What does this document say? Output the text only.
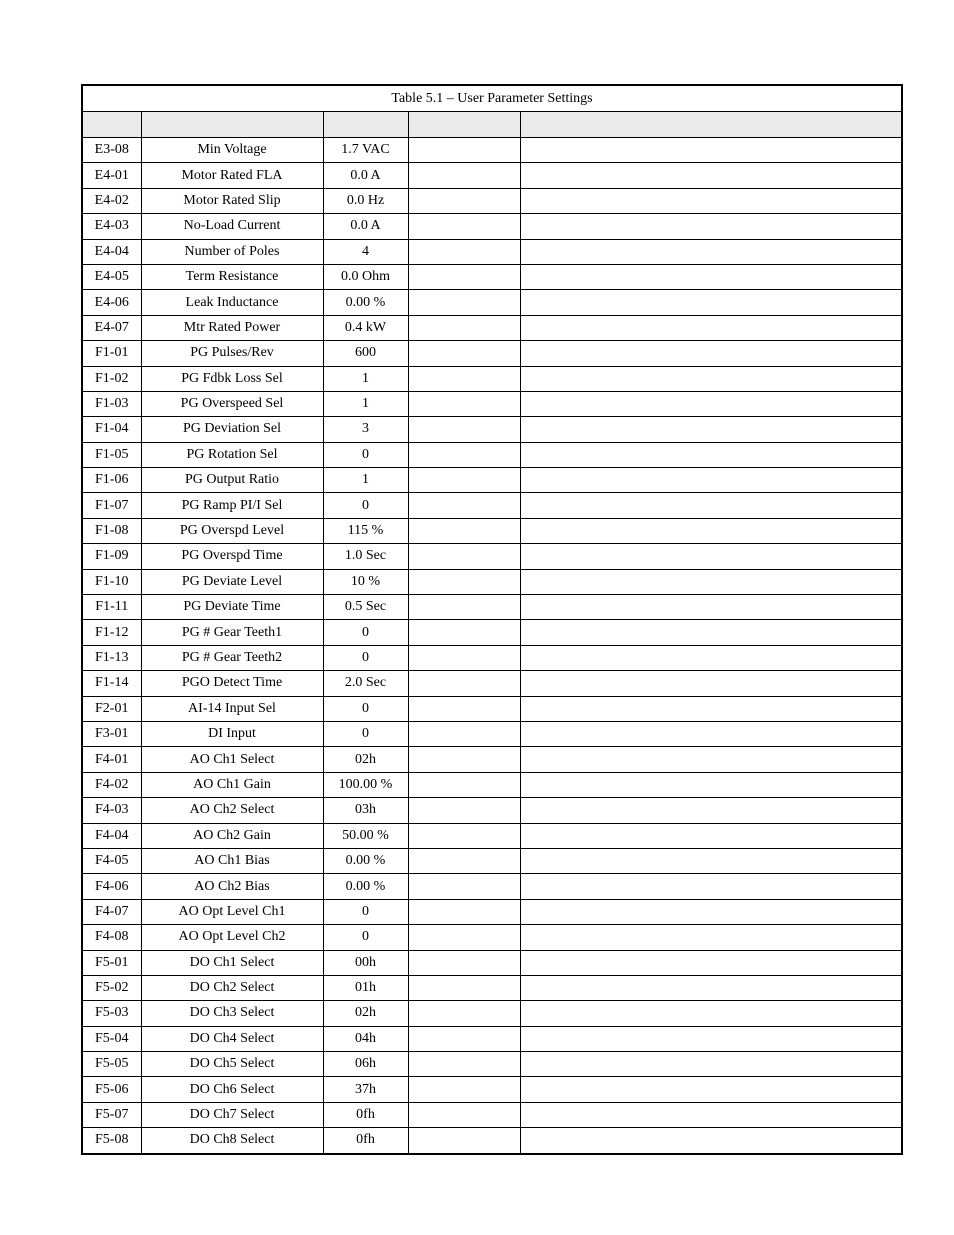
Table 5.1 – User Parameter Settings				

E3-08	Min Voltage	1.7 VAC		
E4-01	Motor Rated FLA	0.0 A		
E4-02	Motor Rated Slip	0.0 Hz		
E4-03	No-Load Current	0.0 A		
E4-04	Number of Poles	4		
E4-05	Term Resistance	0.0 Ohm		
E4-06	Leak Inductance	0.00 %		
E4-07	Mtr Rated Power	0.4 kW		
F1-01	PG Pulses/Rev	600		
F1-02	PG Fdbk Loss Sel	1		
F1-03	PG Overspeed Sel	1		
F1-04	PG Deviation Sel	3		
F1-05	PG Rotation Sel	0		
F1-06	PG Output Ratio	1		
F1-07	PG Ramp PI/I Sel	0		
F1-08	PG Overspd Level	115 %		
F1-09	PG Overspd Time	1.0 Sec		
F1-10	PG Deviate Level	10 %		
F1-11	PG Deviate Time	0.5 Sec		
F1-12	PG # Gear Teeth1	0		
F1-13	PG # Gear Teeth2	0		
F1-14	PGO Detect Time	2.0 Sec		
F2-01	AI-14 Input Sel	0		
F3-01	DI Input	0		
F4-01	AO Ch1 Select	02h		
F4-02	AO Ch1 Gain	100.00 %		
F4-03	AO Ch2 Select	03h		
F4-04	AO Ch2 Gain	50.00 %		
F4-05	AO Ch1 Bias	0.00 %		
F4-06	AO Ch2 Bias	0.00 %		
F4-07	AO Opt Level Ch1	0		
F4-08	AO Opt Level Ch2	0		
F5-01	DO Ch1 Select	00h		
F5-02	DO Ch2 Select	01h		
F5-03	DO Ch3 Select	02h		
F5-04	DO Ch4 Select	04h		
F5-05	DO Ch5 Select	06h		
F5-06	DO Ch6 Select	37h		
F5-07	DO Ch7 Select	0fh		
F5-08	DO Ch8 Select	0fh		
